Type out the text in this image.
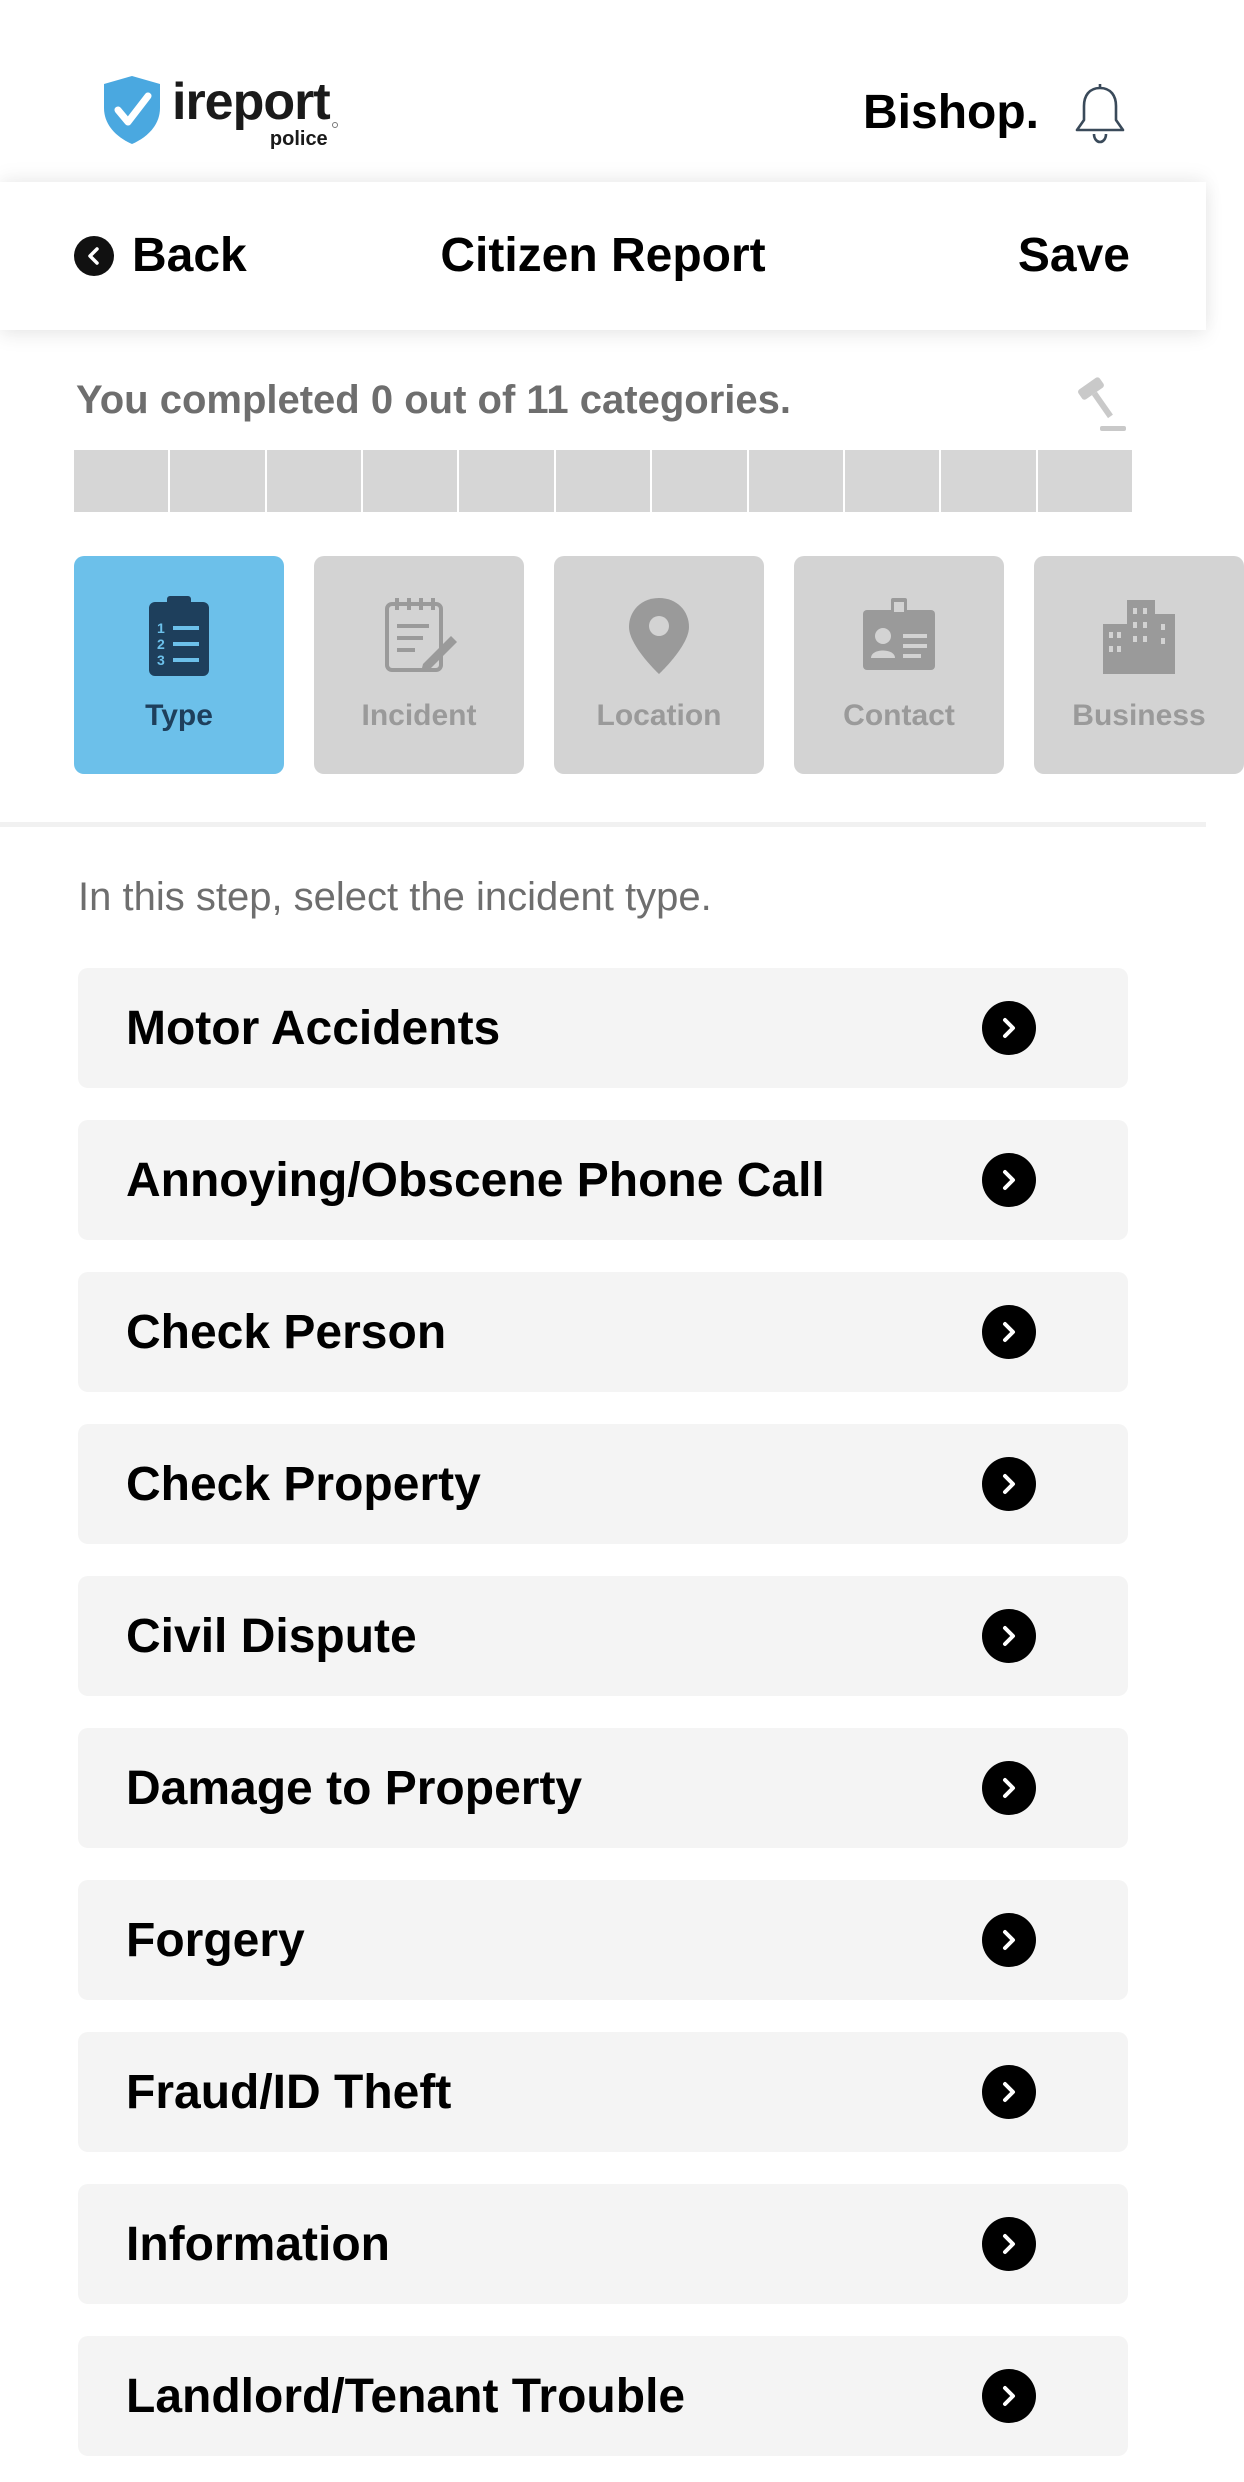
ireport
police	Bishop.
Back	Citizen Report	Save
You completed 0 out of 11 categories.
1
2
3
Type	Incident	Location	Contact	Business
In this step, select the incident type.
Motor Accidents
Annoying/Obscene Phone Call
Check Person
Check Property
Civil Dispute
Damage to Property
Forgery
Fraud/ID Theft
Information
Landlord/Tenant Trouble
